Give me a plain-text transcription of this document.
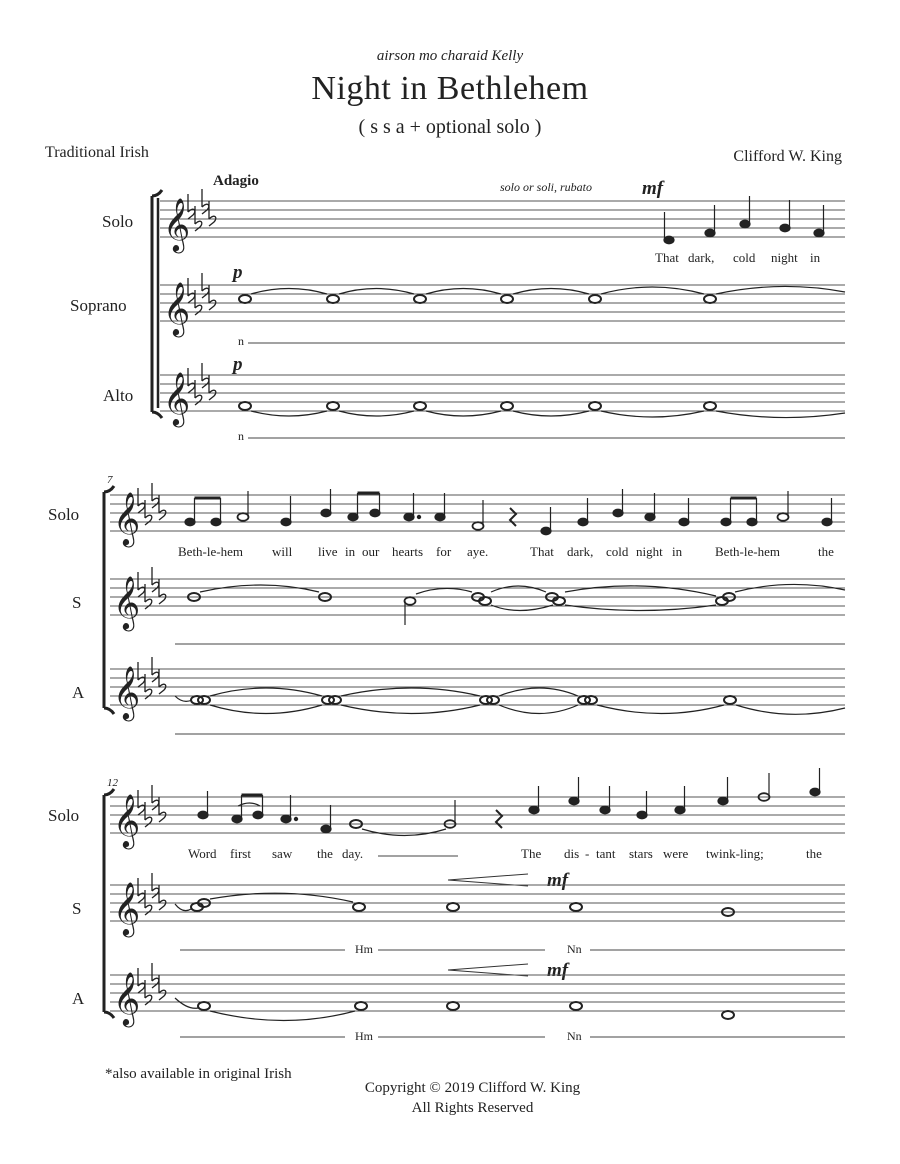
airson mo charaid Kelly
Night in Bethlehem
( s s a + optional solo )
Traditional Irish	Clifford W. King
Adagio	solo or soli, rubato	mf
Solo
Soprano
Alto
𝄞
That dark, cold night in
p
𝄞
n
p
𝄞
n
7
Solo
S
A
𝄞
Beth-le-hem will live in our hearts for aye.	That dark, cold night in	Beth-le-hem	the
𝄞
𝄞
12
Solo
S
A
𝄞
Word first saw the day.	The dis - tant stars were twink-ling;	the
mf
𝄞
Hm	Nn
mf
𝄞
Hm	Nn
*also available in original Irish
Copyright © 2019 Clifford W. King
All Rights Reserved
